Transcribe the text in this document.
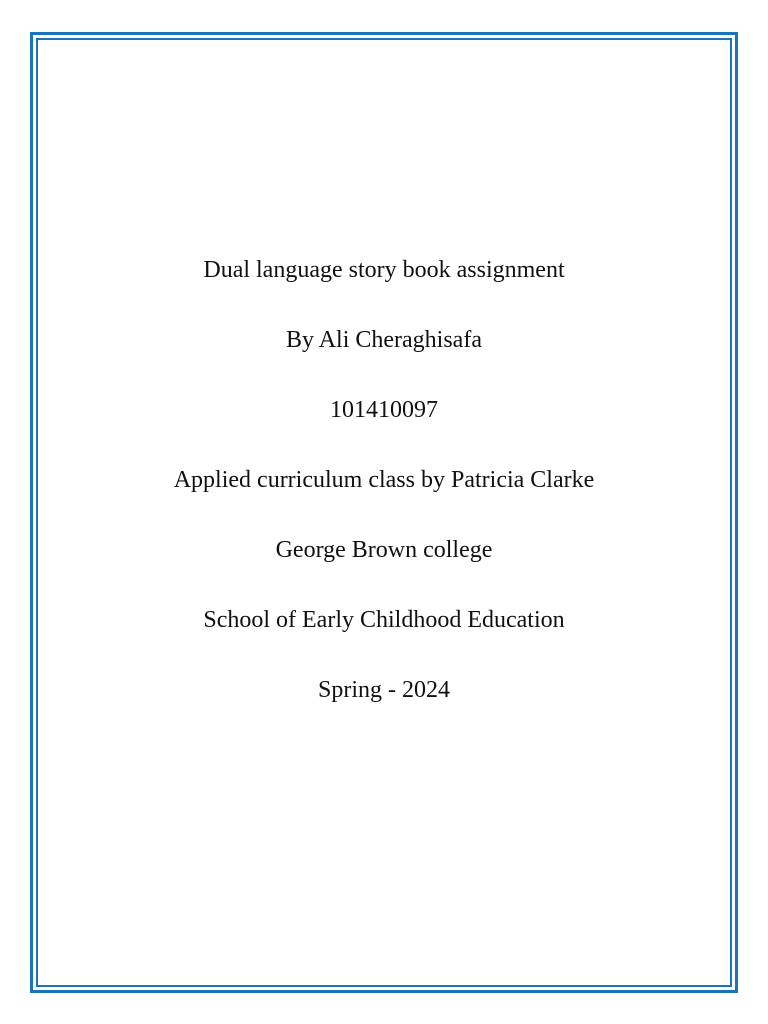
Dual language story book assignment
By Ali Cheraghisafa
101410097
Applied curriculum class by Patricia Clarke
George Brown college
School of Early Childhood Education
Spring - 2024
